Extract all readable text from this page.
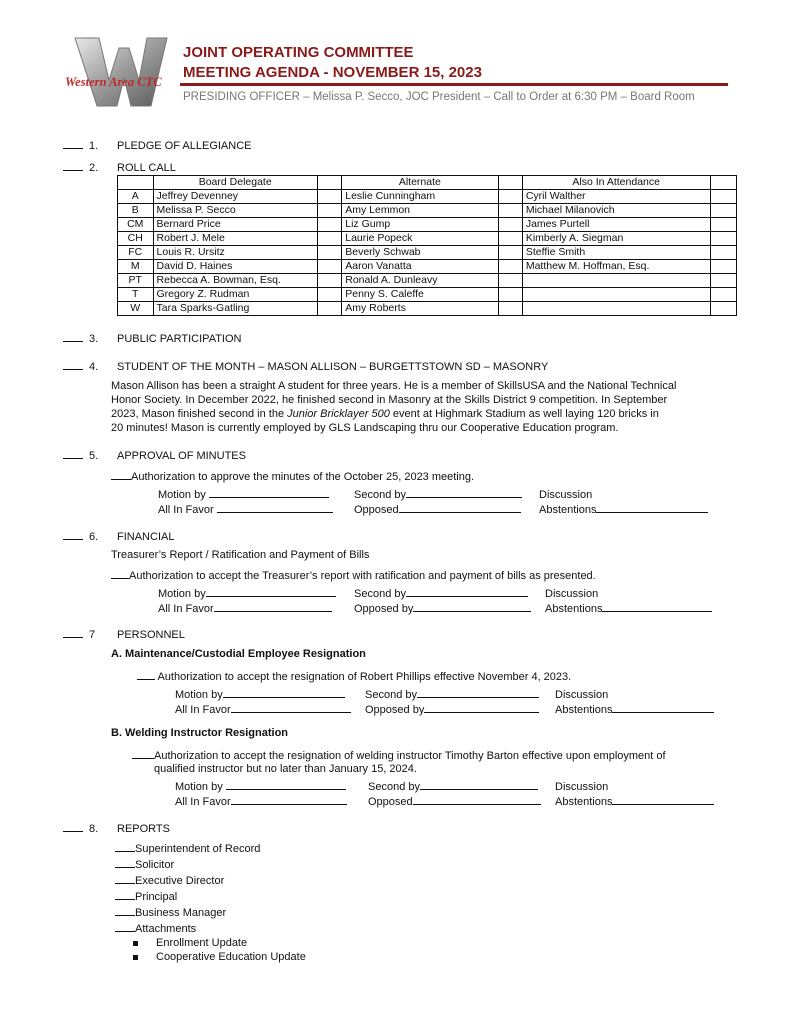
Western Area CTC
JOINT OPERATING COMMITTEE
MEETING AGENDA - NOVEMBER 15, 2023
PRESIDING OFFICER – Melissa P. Secco, JOC President – Call to Order at 6:30 PM – Board Room
1. PLEDGE OF ALLEGIANCE
2. ROLL CALL
	Board Delegate		Alternate		Also In Attendance	
A	Jeffrey Devenney		Leslie Cunningham		Cyril Walther	
B	Melissa P. Secco		Amy Lemmon		Michael Milanovich	
CM	Bernard Price		Liz Gump		James Purtell	
CH	Robert J. Mele		Laurie Popeck		Kimberly A. Siegman	
FC	Louis R. Ursitz		Beverly Schwab		Steffie Smith	
M	David D. Haines		Aaron Vanatta		Matthew M. Hoffman, Esq.	
PT	Rebecca A. Bowman, Esq.		Ronald A. Dunleavy			
T	Gregory Z. Rudman		Penny S. Caleffe			
W	Tara Sparks-Gatling		Amy Roberts			
3. PUBLIC PARTICIPATION
4. STUDENT OF THE MONTH – MASON ALLISON – BURGETTSTOWN SD – MASONRY
Mason Allison has been a straight A student for three years. He is a member of SkillsUSA and the National Technical
Honor Society. In December 2022, he finished second in Masonry at the Skills District 9 competition. In September
2023, Mason finished second in the Junior Bricklayer 500 event at Highmark Stadium as well laying 120 bricks in
20 minutes! Mason is currently employed by GLS Landscaping thru our Cooperative Education program.
5. APPROVAL OF MINUTES
Authorization to approve the minutes of the October 25, 2023 meeting.
Motion by	Second by	Discussion
All In Favor	Opposed	Abstentions
6. FINANCIAL
Treasurer’s Report / Ratification and Payment of Bills
Authorization to accept the Treasurer’s report with ratification and payment of bills as presented.
Motion by	Second by	Discussion
All In Favor	Opposed by	Abstentions
7 PERSONNEL
A. Maintenance/Custodial Employee Resignation
Authorization to accept the resignation of Robert Phillips effective November 4, 2023.
Motion by	Second by	Discussion
All In Favor	Opposed by	Abstentions
B. Welding Instructor Resignation
Authorization to accept the resignation of welding instructor Timothy Barton effective upon employment of
qualified instructor but no later than January 15, 2024.
Motion by	Second by	Discussion
All In Favor	Opposed	Abstentions
8. REPORTS
Superintendent of Record
Solicitor
Executive Director
Principal
Business Manager
Attachments
Enrollment Update
Cooperative Education Update
